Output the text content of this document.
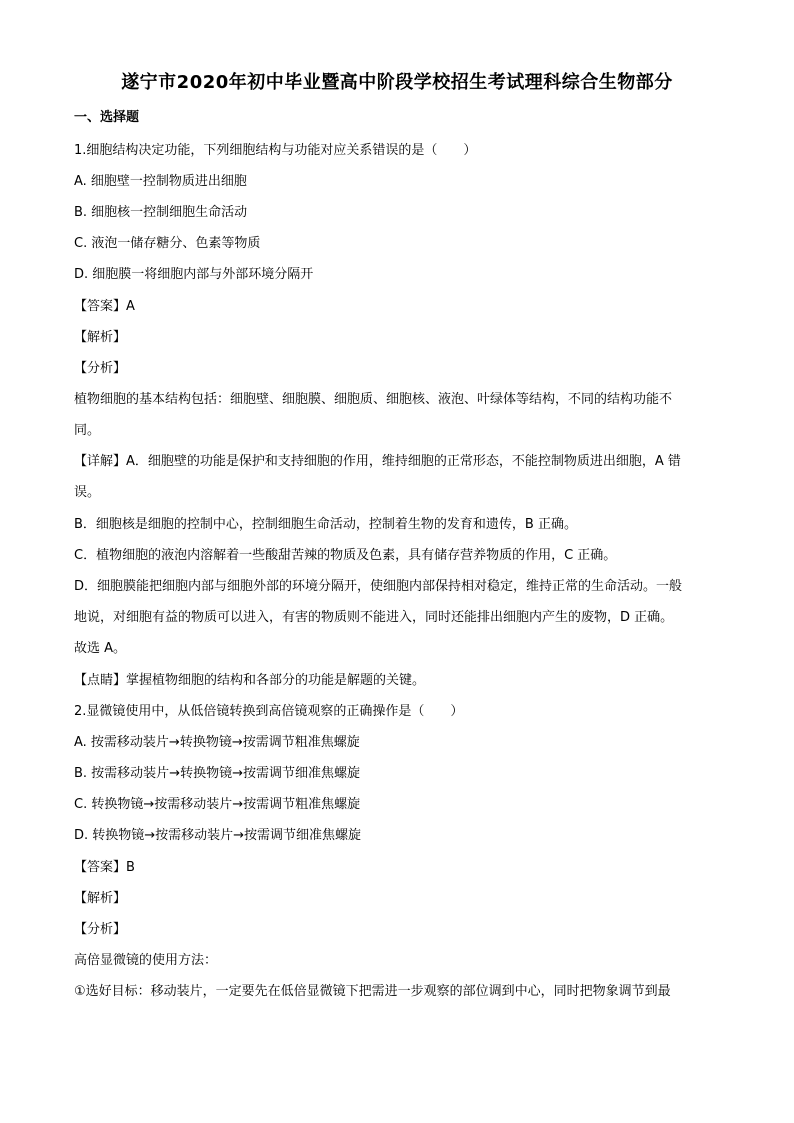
遂宁市2020年初中毕业暨高中阶段学校招生考试理科综合生物部分
一、选择题
1.细胞结构决定功能，下列细胞结构与功能对应关系错误的是（　　）
A. 细胞壁一控制物质进出细胞
B. 细胞核一控制细胞生命活动
C. 液泡一储存糖分、色素等物质
D. 细胞膜一将细胞内部与外部环境分隔开
【答案】A
【解析】
【分析】
植物细胞的基本结构包括：细胞壁、细胞膜、细胞质、细胞核、液泡、叶绿体等结构，不同的结构功能不
同。
【详解】A．细胞壁的功能是保护和支持细胞的作用，维持细胞的正常形态，不能控制物质进出细胞，A 错
误。
B．细胞核是细胞的控制中心，控制细胞生命活动，控制着生物的发育和遗传，B 正确。
C．植物细胞的液泡内溶解着一些酸甜苦辣的物质及色素，具有储存营养物质的作用，C 正确。
D．细胞膜能把细胞内部与细胞外部的环境分隔开，使细胞内部保持相对稳定，维持正常的生命活动。一般
地说，对细胞有益的物质可以进入，有害的物质则不能进入，同时还能排出细胞内产生的废物，D 正确。
故选 A。
【点睛】掌握植物细胞的结构和各部分的功能是解题的关键。
2.显微镜使用中，从低倍镜转换到高倍镜观察的正确操作是（　　）
A. 按需移动装片→转换物镜→按需调节粗准焦螺旋
B. 按需移动装片→转换物镜→按需调节细准焦螺旋
C. 转换物镜→按需移动装片→按需调节粗准焦螺旋
D. 转换物镜→按需移动装片→按需调节细准焦螺旋
【答案】B
【解析】
【分析】
高倍显微镜的使用方法：
①选好目标：移动装片，一定要先在低倍显微镜下把需进一步观察的部位调到中心，同时把物象调节到最
